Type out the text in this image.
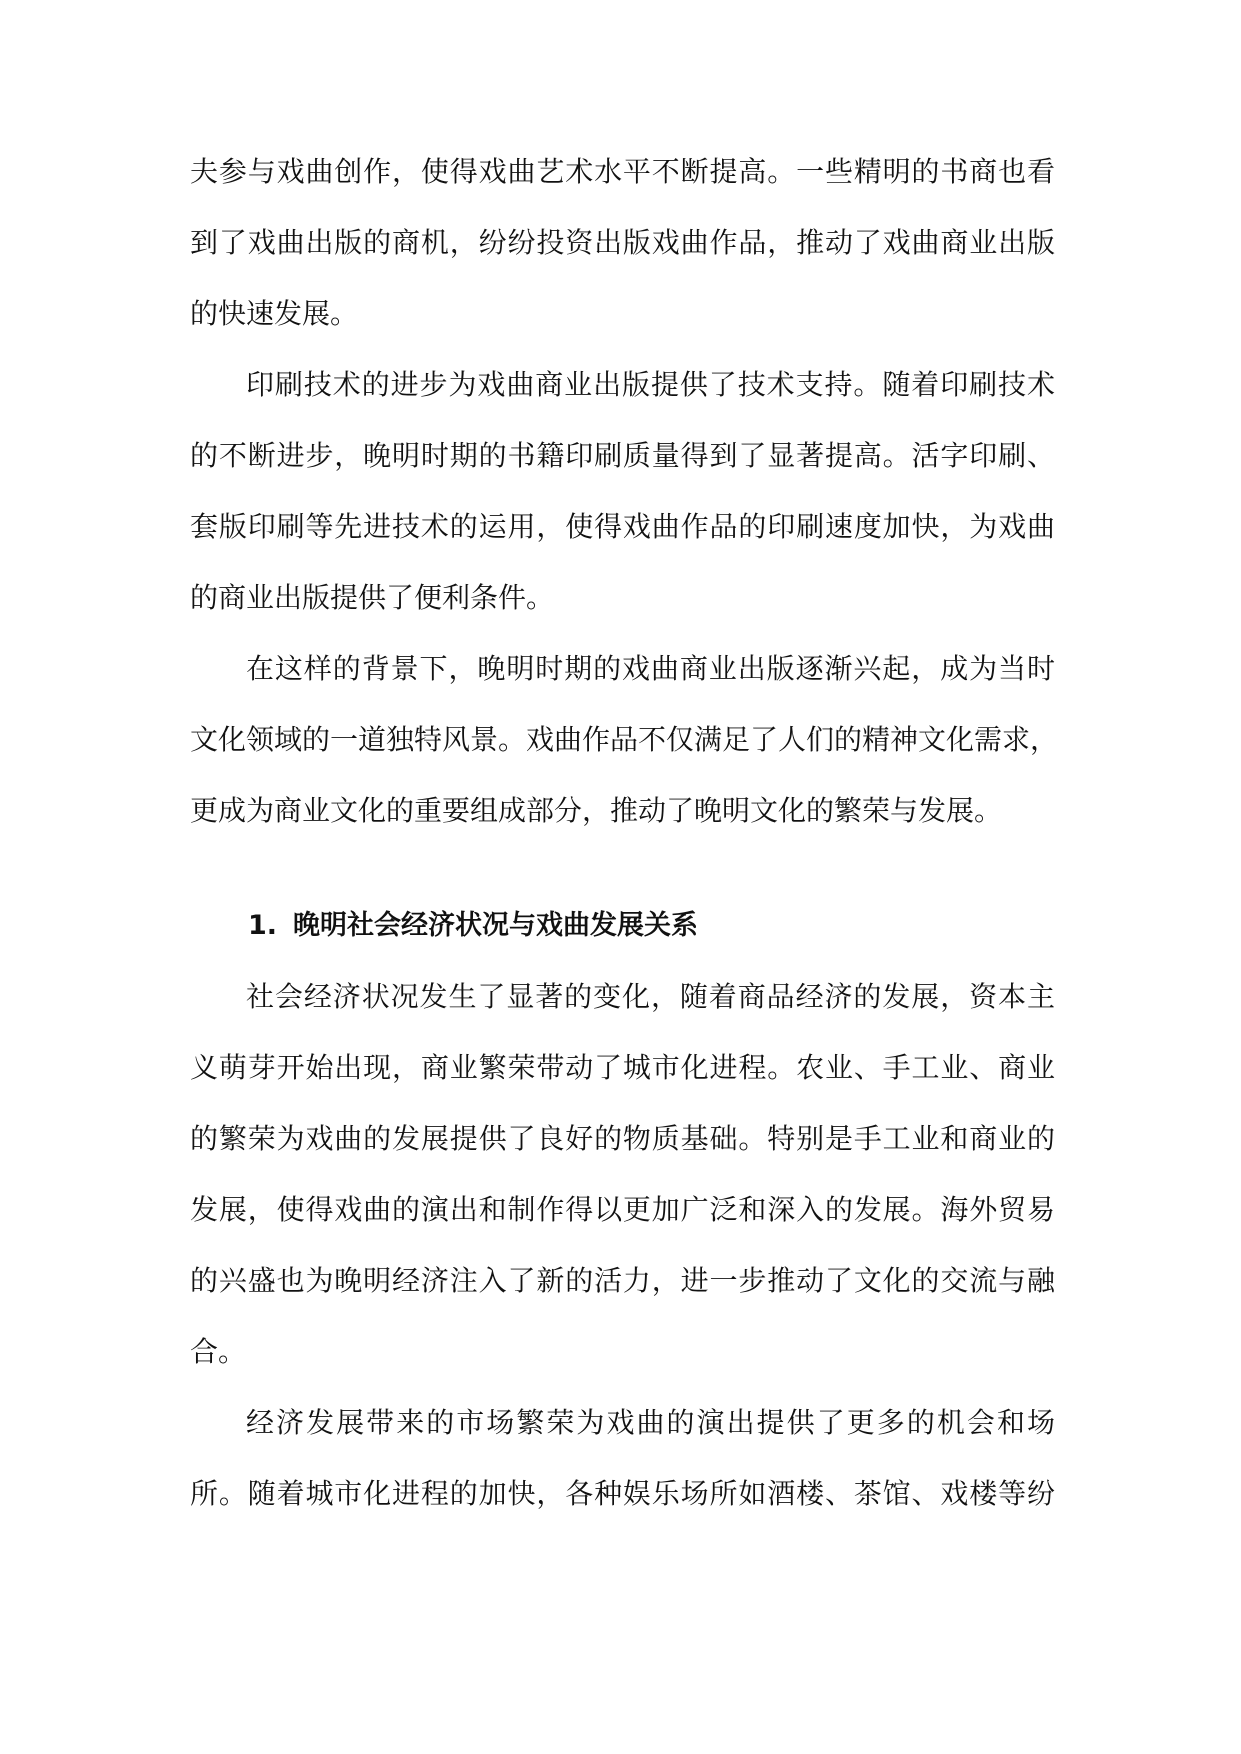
夫参与戏曲创作，使得戏曲艺术水平不断提高。一些精明的书商也看
到了戏曲出版的商机，纷纷投资出版戏曲作品，推动了戏曲商业出版
的快速发展。
印刷技术的进步为戏曲商业出版提供了技术支持。随着印刷技术
的不断进步，晚明时期的书籍印刷质量得到了显著提高。活字印刷、
套版印刷等先进技术的运用，使得戏曲作品的印刷速度加快，为戏曲
的商业出版提供了便利条件。
在这样的背景下，晚明时期的戏曲商业出版逐渐兴起，成为当时
文化领域的一道独特风景。戏曲作品不仅满足了人们的精神文化需求，
更成为商业文化的重要组成部分，推动了晚明文化的繁荣与发展。
1. 晚明社会经济状况与戏曲发展关系
社会经济状况发生了显著的变化，随着商品经济的发展，资本主
义萌芽开始出现，商业繁荣带动了城市化进程。农业、手工业、商业
的繁荣为戏曲的发展提供了良好的物质基础。特别是手工业和商业的
发展，使得戏曲的演出和制作得以更加广泛和深入的发展。海外贸易
的兴盛也为晚明经济注入了新的活力，进一步推动了文化的交流与融
合。
经济发展带来的市场繁荣为戏曲的演出提供了更多的机会和场
所。随着城市化进程的加快，各种娱乐场所如酒楼、茶馆、戏楼等纷
